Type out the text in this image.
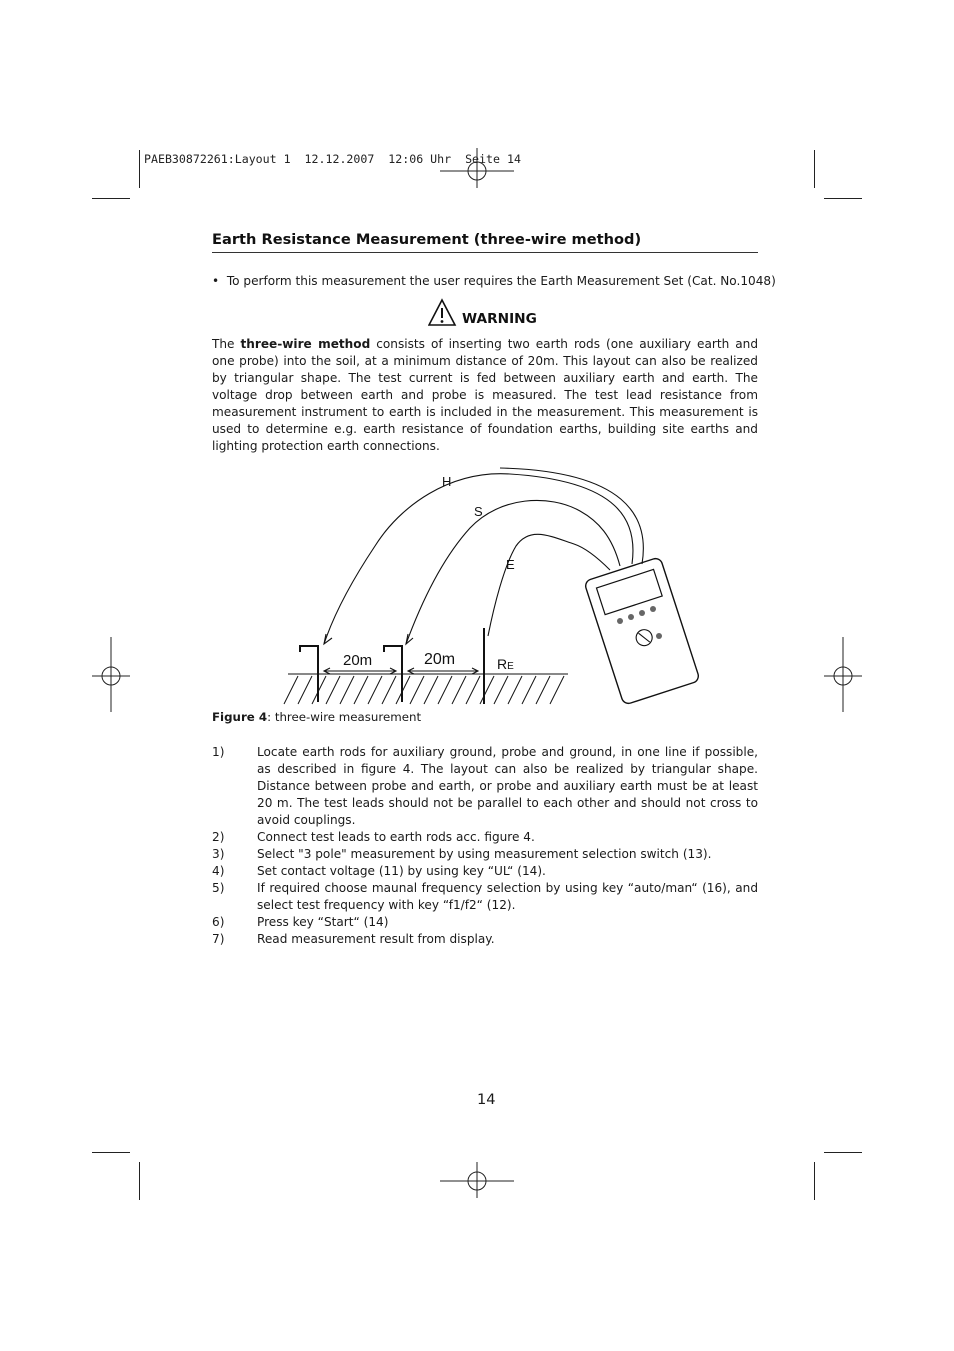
PAEB30872261:Layout 1  12.12.2007  12:06 Uhr  Seite 14
Earth Resistance Measurement (three-wire method)
•  To perform this measurement the user requires the Earth Measurement Set (Cat. No.1048)
WARNING
The three-wire method consists of inserting two earth rods (one auxiliary earth and one probe) into the soil, at a minimum distance of 20m. This layout can also be realized by triangular shape. The test current is fed between auxiliary earth and earth. The voltage drop between earth and probe is measured. The test lead resistance from measurement instrument to earth is included in the measurement. This measurement is used to determine e.g. earth resistance of foundation earths, building site earths and lighting protection earth connections.
H
S
E
20m	20m	RE
Figure 4: three-wire measurement
1)	Locate earth rods for auxiliary ground, probe and ground, in one line if possible, as described in figure 4. The layout can also be realized by triangular shape. Distance between probe and earth, or probe and auxiliary earth must be at least 20 m. The test leads should not be parallel to each other and should not cross to avoid couplings.
2)	Connect test leads to earth rods acc. figure 4.
3)	Select "3 pole" measurement by using measurement selection switch (13).
4)	Set contact voltage (11) by using key “UL“ (14).
5)	If required choose maunal frequency selection by using key “auto/man“ (16), and select test frequency with key “f1/f2“ (12).
6)	Press key “Start“ (14)
7)	Read measurement result from display.
14
